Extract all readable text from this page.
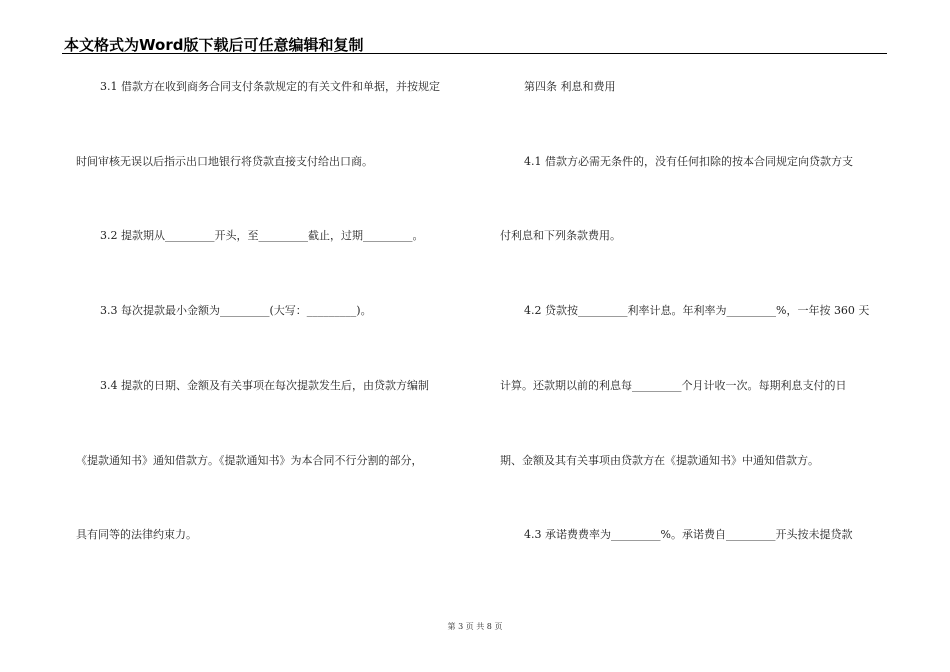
本文格式为Word版下载后可任意编辑和复制
3.1 借款方在收到商务合同支付条款规定的有关文件和单据，并按规定
时间审核无误以后指示出口地银行将贷款直接支付给出口商。
3.2 提款期从_________开头，至_________截止，过期_________。
3.3 每次提款最小金额为_________(大写：_________)。
3.4 提款的日期、金额及有关事项在每次提款发生后，由贷款方编制
《提款通知书》通知借款方。《提款通知书》为本合同不行分割的部分，
具有同等的法律约束力。
第四条 利息和费用
4.1 借款方必需无条件的，没有任何扣除的按本合同规定向贷款方支
付利息和下列条款费用。
4.2 贷款按_________利率计息。年利率为_________%，一年按 360 天
计算。还款期以前的利息每_________个月计收一次。每期利息支付的日
期、金额及其有关事项由贷款方在《提款通知书》中通知借款方。
4.3 承诺费费率为_________%。承诺费自_________开头按未提贷款
第 3 页 共 8 页
